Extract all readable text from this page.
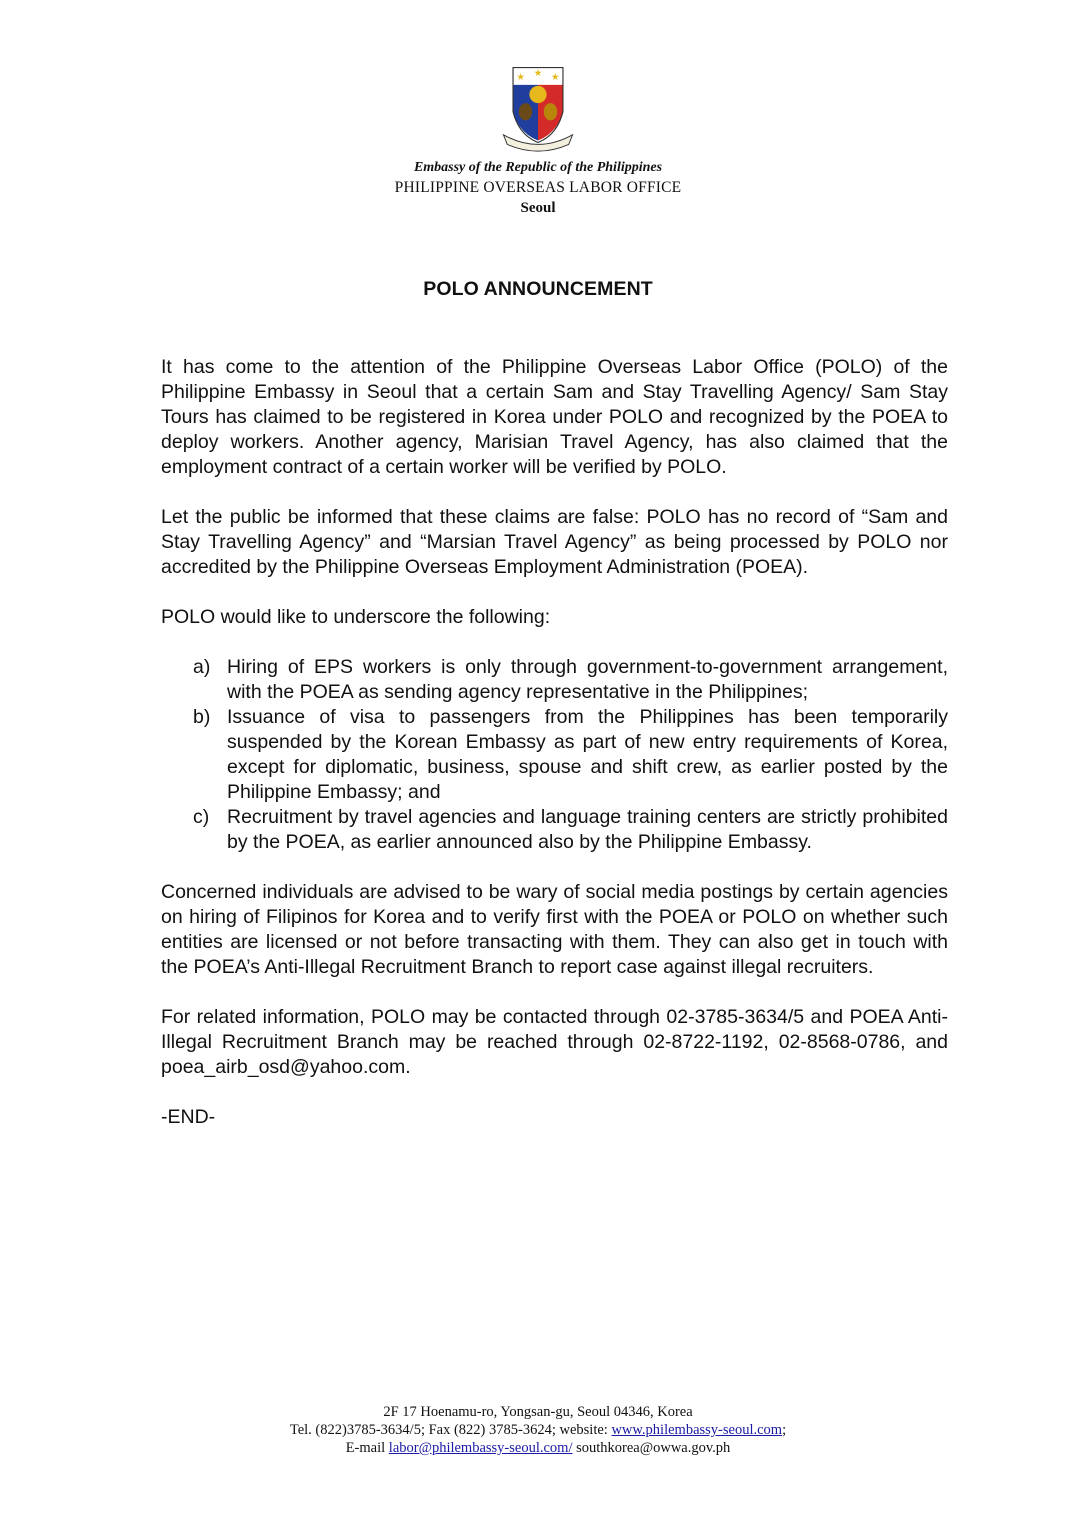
★ ★ ★
Embassy of the Republic of the Philippines
PHILIPPINE OVERSEAS LABOR OFFICE
Seoul
POLO ANNOUNCEMENT

It has come to the attention of the Philippine Overseas Labor Office (POLO) of the Philippine Embassy in Seoul that a certain Sam and Stay Travelling Agency/ Sam Stay Tours has claimed to be registered in Korea under POLO and recognized by the POEA to deploy workers. Another agency, Marisian Travel Agency, has also claimed that the employment contract of a certain worker will be verified by POLO.

Let the public be informed that these claims are false: POLO has no record of “Sam and Stay Travelling Agency” and “Marsian Travel Agency” as being processed by POLO nor accredited by the Philippine Overseas Employment Administration (POEA).

POLO would like to underscore the following:

a) Hiring of EPS workers is only through government-to-government arrangement, with the POEA as sending agency representative in the Philippines;
b) Issuance of visa to passengers from the Philippines has been temporarily suspended by the Korean Embassy as part of new entry requirements of Korea, except for diplomatic, business, spouse and shift crew, as earlier posted by the Philippine Embassy; and
c) Recruitment by travel agencies and language training centers are strictly prohibited by the POEA, as earlier announced also by the Philippine Embassy.

Concerned individuals are advised to be wary of social media postings by certain agencies on hiring of Filipinos for Korea and to verify first with the POEA or POLO on whether such entities are licensed or not before transacting with them. They can also get in touch with the POEA’s Anti-Illegal Recruitment Branch to report case against illegal recruiters.

For related information, POLO may be contacted through 02-3785-3634/5 and POEA Anti-Illegal Recruitment Branch may be reached through 02-8722-1192, 02-8568-0786, and poea_airb_osd@yahoo.com.

-END-

2F 17 Hoenamu-ro, Yongsan-gu, Seoul 04346, Korea
Tel. (822)3785-3634/5; Fax (822) 3785-3624; website: www.philembassy-seoul.com;
E-mail labor@philembassy-seoul.com/ southkorea@owwa.gov.ph
